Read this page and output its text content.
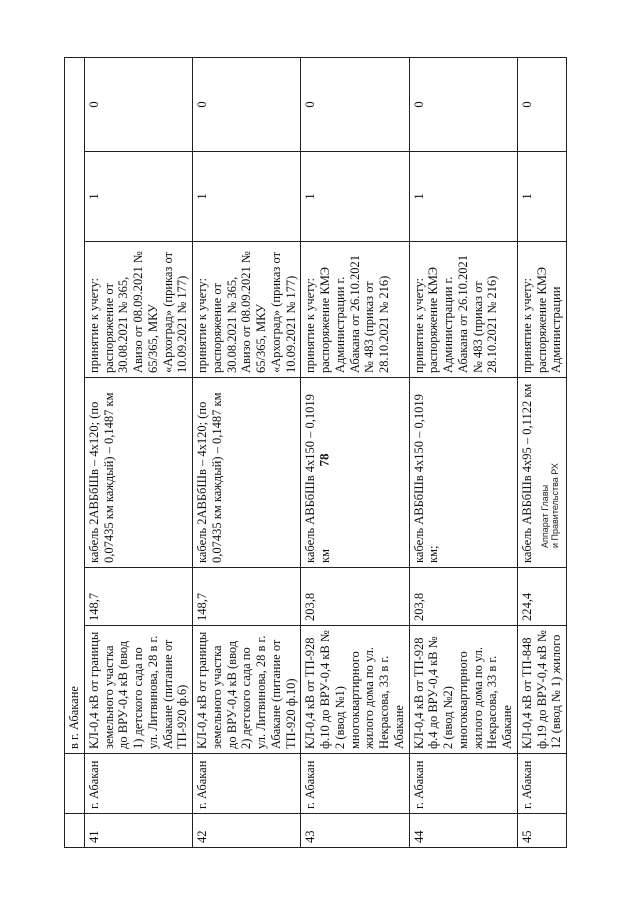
		в г. Абакане					
41	г. Абакан	КЛ-0,4 кВ от границы земельного участка до ВРУ-0,4 кВ (ввод 1) детского сада по ул. Литвинова, 28 в г. Абакане (питание от ТП-920 ф.6)	148,7	кабель 2АВБбШв – 4х120; (по 0,07435 км каждый) – 0,1487 км	принятие к учету: распоряжение от 30.08.2021 № 365, Авизо от 08.09.2021 № 65/365, МКУ «Архоград» (приказ от 10.09.2021 № 177)	1	0
42	г. Абакан	КЛ-0,4 кВ от границы земельного участка до ВРУ-0,4 кВ (ввод 2) детского сада по ул. Литвинова, 28 в г. Абакане (питание от ТП-920 ф.10)	148,7	кабель 2АВБбШв – 4х120; (по 0,07435 км каждый) – 0,1487 км	принятие к учету: распоряжение от 30.08.2021 № 365, Авизо от 08.09.2021 № 65/365, МКУ «Архоград» (приказ от 10.09.2021 № 177)	1	0
43	г. Абакан	КЛ-0,4 кВ от ТП-928 ф.10 до ВРУ-0,4 кВ № 2 (ввод №1) многоквартирного жилого дома по ул. Некрасова, 33 в г. Абакане	203,8	кабель АВБбШв 4х150 – 0,1019 км	принятие к учету: распоряжение КМЭ Администрации г. Абакана от 26.10.2021 № 483 (приказ от 28.10.2021 № 216)	1	0
44	г. Абакан	КЛ-0,4 кВ от ТП-928 ф.4 до ВРУ-0,4 кВ № 2 (ввод №2) многоквартирного жилого дома по ул. Некрасова, 33 в г. Абакане	203,8	кабель АВБбШв 4х150 – 0,1019 км;	принятие к учету: распоряжение КМЭ Администрации г. Абакана от 26.10.2021 № 483 (приказ от 28.10.2021 № 216)	1	0
45	г. Абакан	КЛ-0,4 кВ от ТП-848 ф.19 до ВРУ-0,4 кВ № 12 (ввод № 1) жилого	224,4	кабель АВБбШв 4х95 – 0,1122 км	принятие к учету: распоряжение КМЭ Администрации	1	0
78
Аппарат Главы
и Правительства РХ
